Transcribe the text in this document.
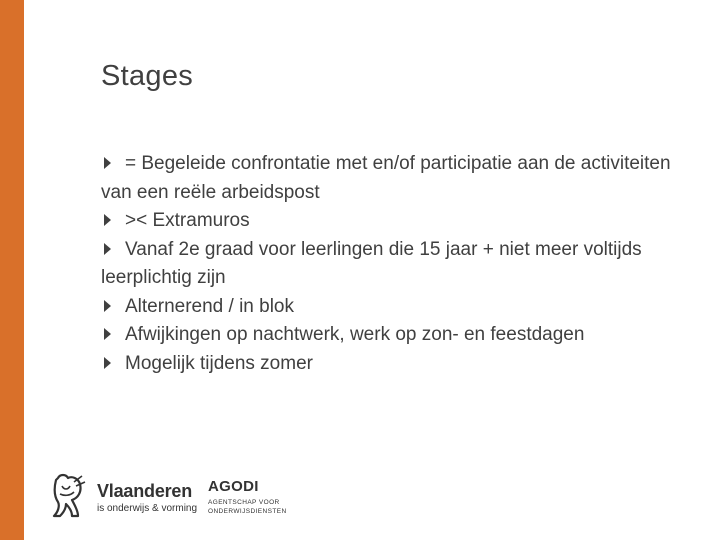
Stages
= Begeleide confrontatie met en/of participatie aan de activiteiten van een reële arbeidspost
>< Extramuros
Vanaf 2e graad voor leerlingen die 15 jaar + niet meer voltijds leerplichtig zijn
Alternerend / in blok
Afwijkingen op nachtwerk, werk op zon- en feestdagen
Mogelijk tijdens zomer
Vlaanderen
is onderwijs & vorming
AGODI
AGENTSCHAP VOOR
ONDERWIJSDIENSTEN
